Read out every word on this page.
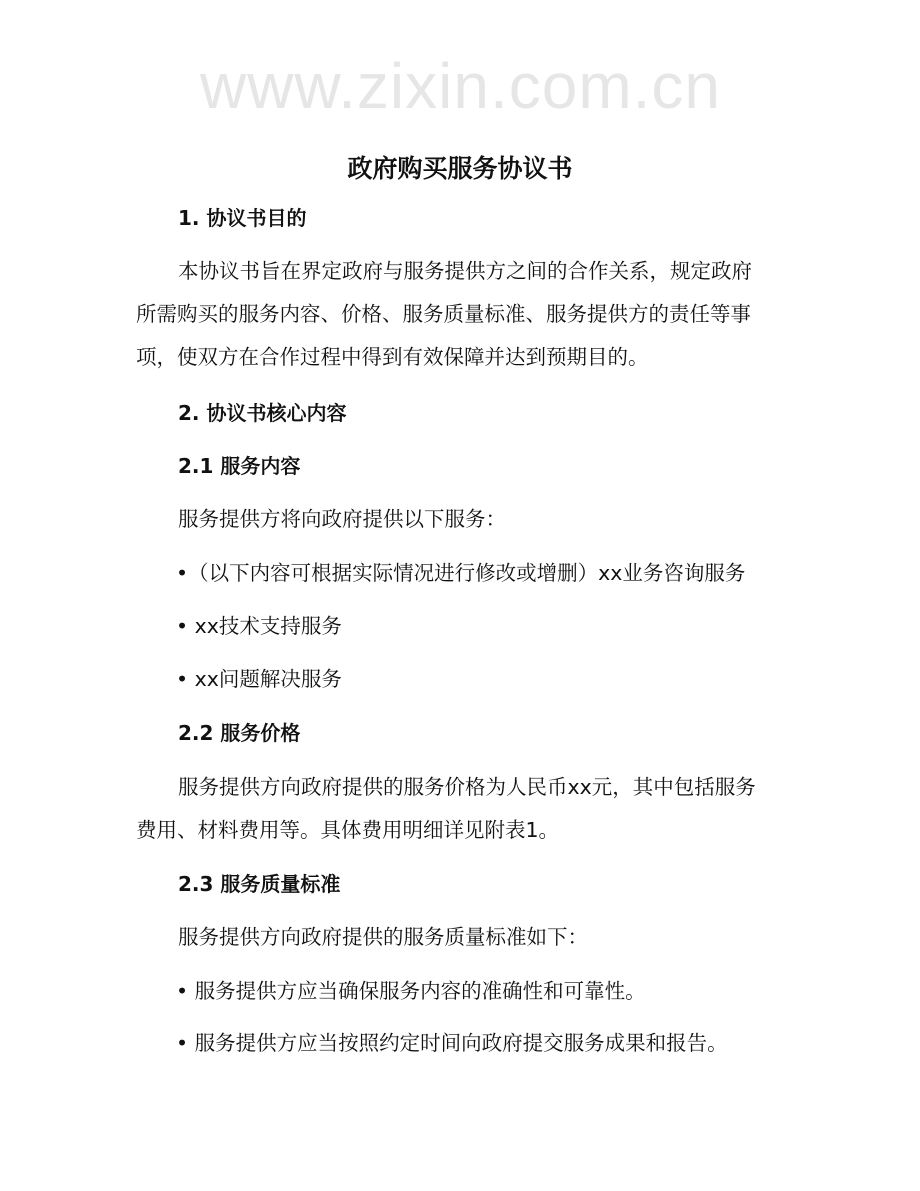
www.zixin.com.cn
政府购买服务协议书
1. 协议书目的
本协议书旨在界定政府与服务提供方之间的合作关系，规定政府
所需购买的服务内容、价格、服务质量标准、服务提供方的责任等事
项，使双方在合作过程中得到有效保障并达到预期目的。
2. 协议书核心内容
2.1 服务内容
服务提供方将向政府提供以下服务：
•（以下内容可根据实际情况进行修改或增删）xx业务咨询服务
• xx技术支持服务
• xx问题解决服务
2.2 服务价格
服务提供方向政府提供的服务价格为人民币xx元，其中包括服务
费用、材料费用等。具体费用明细详见附表1。
2.3 服务质量标准
服务提供方向政府提供的服务质量标准如下：
• 服务提供方应当确保服务内容的准确性和可靠性。
• 服务提供方应当按照约定时间向政府提交服务成果和报告。
